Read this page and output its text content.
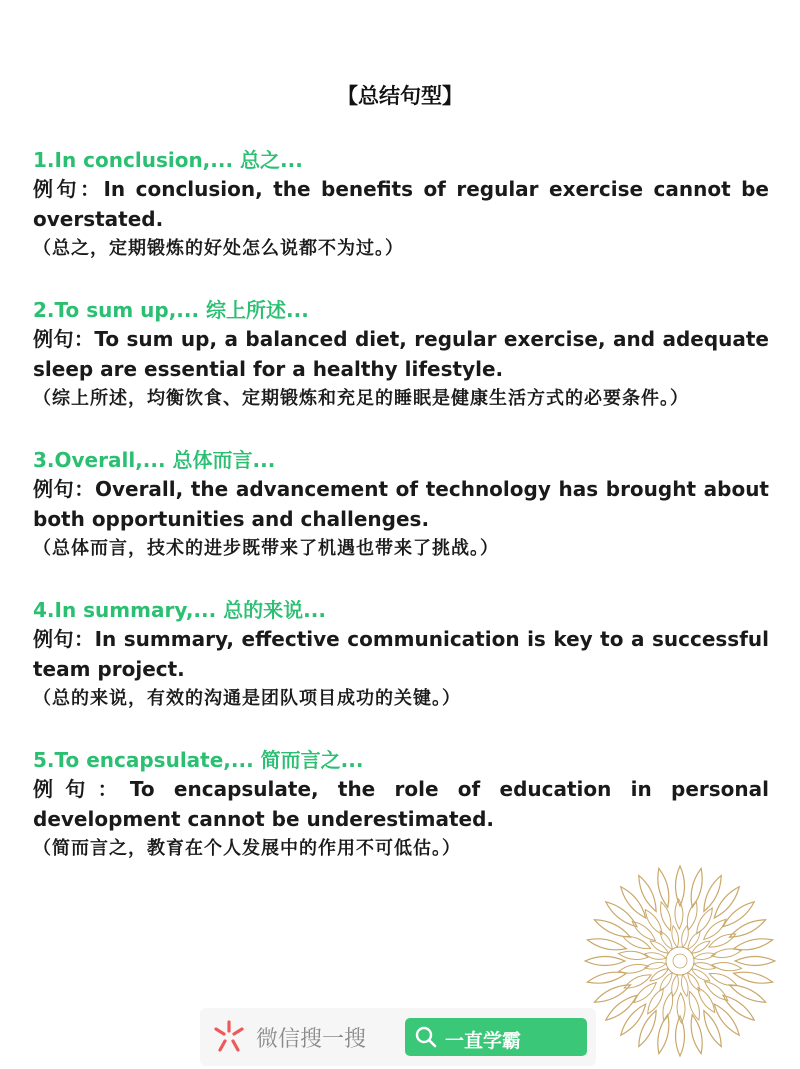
【总结句型】
1.In conclusion,... 总之...
例句：In conclusion, the benefits of regular exercise cannot be overstated.
（总之，定期锻炼的好处怎么说都不为过。）
2.To sum up,... 综上所述...
例句：To sum up, a balanced diet, regular exercise, and adequate sleep are essential for a healthy lifestyle.
（综上所述，均衡饮食、定期锻炼和充足的睡眠是健康生活方式的必要条件。）
3.Overall,... 总体而言...
例句：Overall, the advancement of technology has brought about both opportunities and challenges.
（总体而言，技术的进步既带来了机遇也带来了挑战。）
4.In summary,... 总的来说...
例句：In summary, effective communication is key to a successful team project.
（总的来说，有效的沟通是团队项目成功的关键。）
5.To encapsulate,... 简而言之...
例句：To encapsulate, the role of education in personal development cannot be underestimated.
（简而言之，教育在个人发展中的作用不可低估。）
微信搜一搜	一直学霸
